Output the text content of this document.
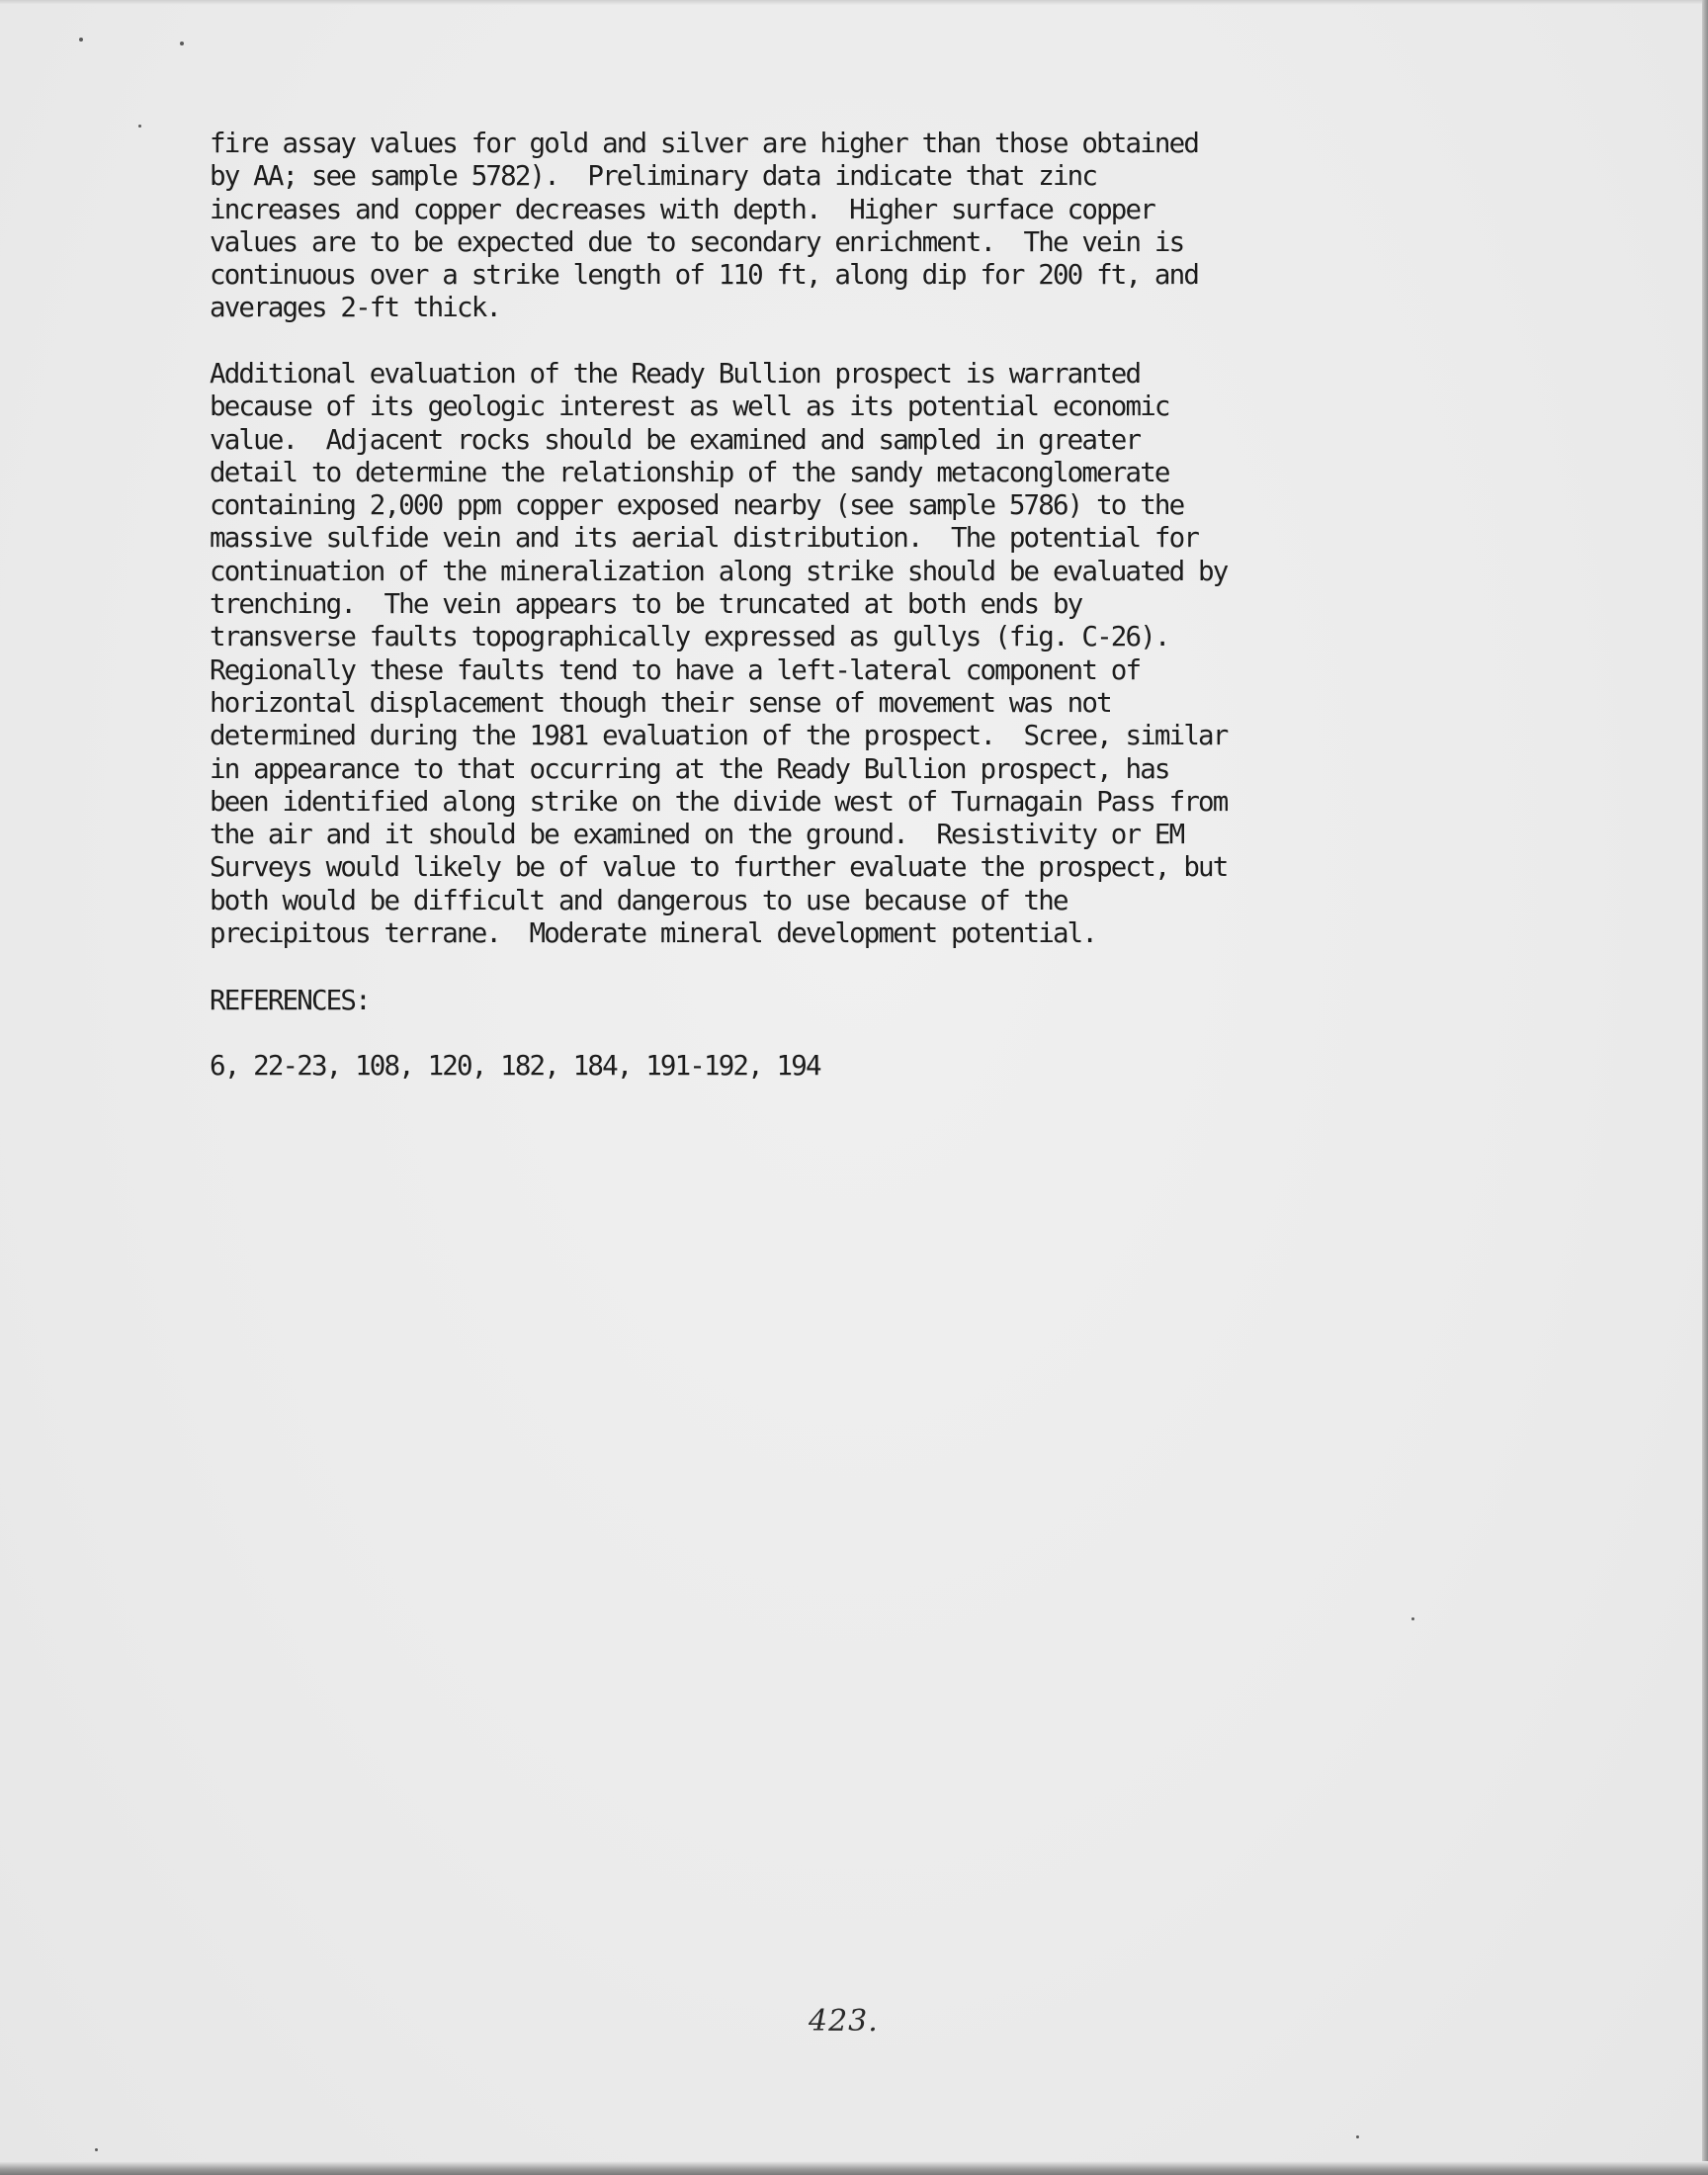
fire assay values for gold and silver are higher than those obtained
by AA; see sample 5782).  Preliminary data indicate that zinc
increases and copper decreases with depth.  Higher surface copper
values are to be expected due to secondary enrichment.  The vein is
continuous over a strike length of 110 ft, along dip for 200 ft, and
averages 2-ft thick.
Additional evaluation of the Ready Bullion prospect is warranted
because of its geologic interest as well as its potential economic
value.  Adjacent rocks should be examined and sampled in greater
detail to determine the relationship of the sandy metaconglomerate
containing 2,000 ppm copper exposed nearby (see sample 5786) to the
massive sulfide vein and its aerial distribution.  The potential for
continuation of the mineralization along strike should be evaluated by
trenching.  The vein appears to be truncated at both ends by
transverse faults topographically expressed as gullys (fig. C-26).
Regionally these faults tend to have a left-lateral component of
horizontal displacement though their sense of movement was not
determined during the 1981 evaluation of the prospect.  Scree, similar
in appearance to that occurring at the Ready Bullion prospect, has
been identified along strike on the divide west of Turnagain Pass from
the air and it should be examined on the ground.  Resistivity or EM
Surveys would likely be of value to further evaluate the prospect, but
both would be difficult and dangerous to use because of the
precipitous terrane.  Moderate mineral development potential.
REFERENCES:
6, 22-23, 108, 120, 182, 184, 191-192, 194
423.
